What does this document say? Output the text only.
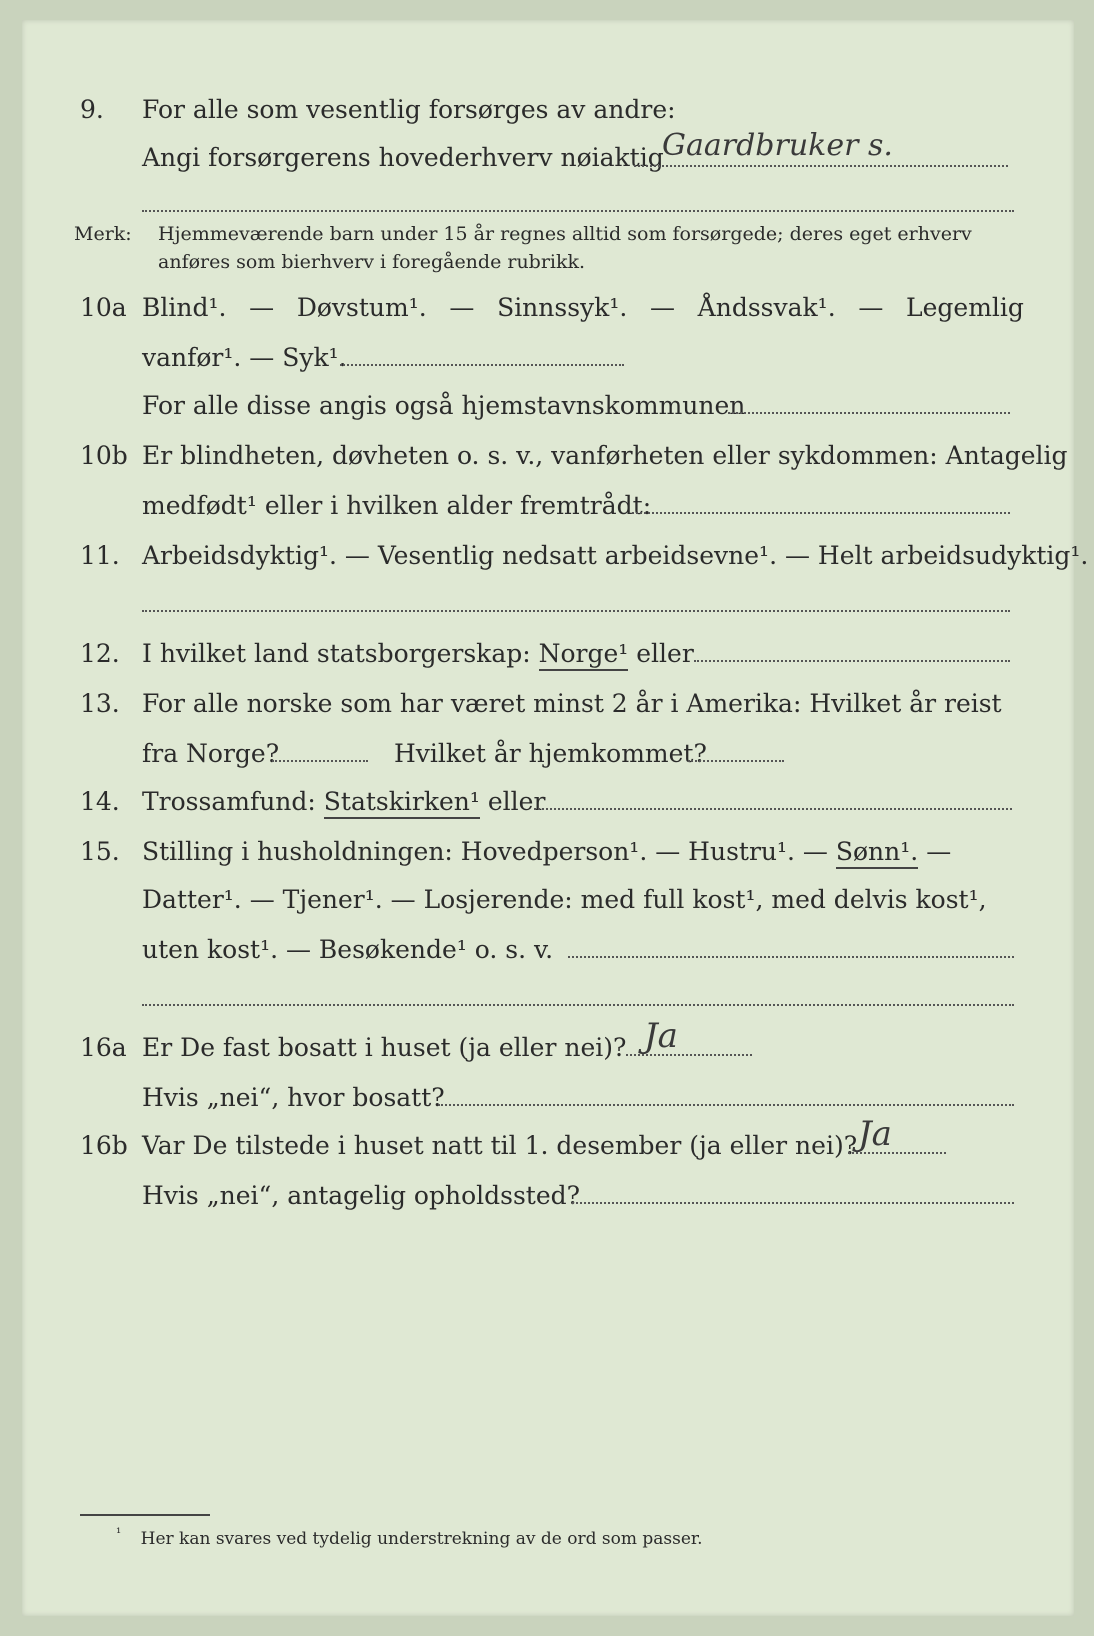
9. For alle som vesentlig forsørges av andre:
Angi forsørgerens hovederhverv nøiaktig
Gaardbruker s.
Merk: Hjemmeværende barn under 15 år regnes alltid som forsørgede; deres eget erhverv
anføres som bierhverv i foregående rubrikk.
10a Blind¹. — Døvstum¹. — Sinnssyk¹. — Åndssvak¹. — Legemlig
vanfør¹. — Syk¹.
For alle disse angis også hjemstavnskommunen
10b Er blindheten, døvheten o. s. v., vanførheten eller sykdommen: Antagelig
medfødt¹ eller i hvilken alder fremtrådt:
11. Arbeidsdyktig¹. — Vesentlig nedsatt arbeidsevne¹. — Helt arbeidsudyktig¹.
12. I hvilket land statsborgerskap: Norge¹ eller
13. For alle norske som har været minst 2 år i Amerika: Hvilket år reist
fra Norge?	Hvilket år hjemkommet?
14. Trossamfund: Statskirken¹ eller
15. Stilling i husholdningen: Hovedperson¹. — Hustru¹. — Sønn¹. —
Datter¹. — Tjener¹. — Losjerende: med full kost¹, med delvis kost¹,
uten kost¹. — Besøkende¹ o. s. v.
16a Er De fast bosatt i huset (ja eller nei)? Ja
Hvis „nei“, hvor bosatt?
16b Var De tilstede i huset natt til 1. desember (ja eller nei)? Ja
Hvis „nei“, antagelig opholdssted?
$^{^1}$ Her kan svares ved tydelig understrekning av de ord som passer.
